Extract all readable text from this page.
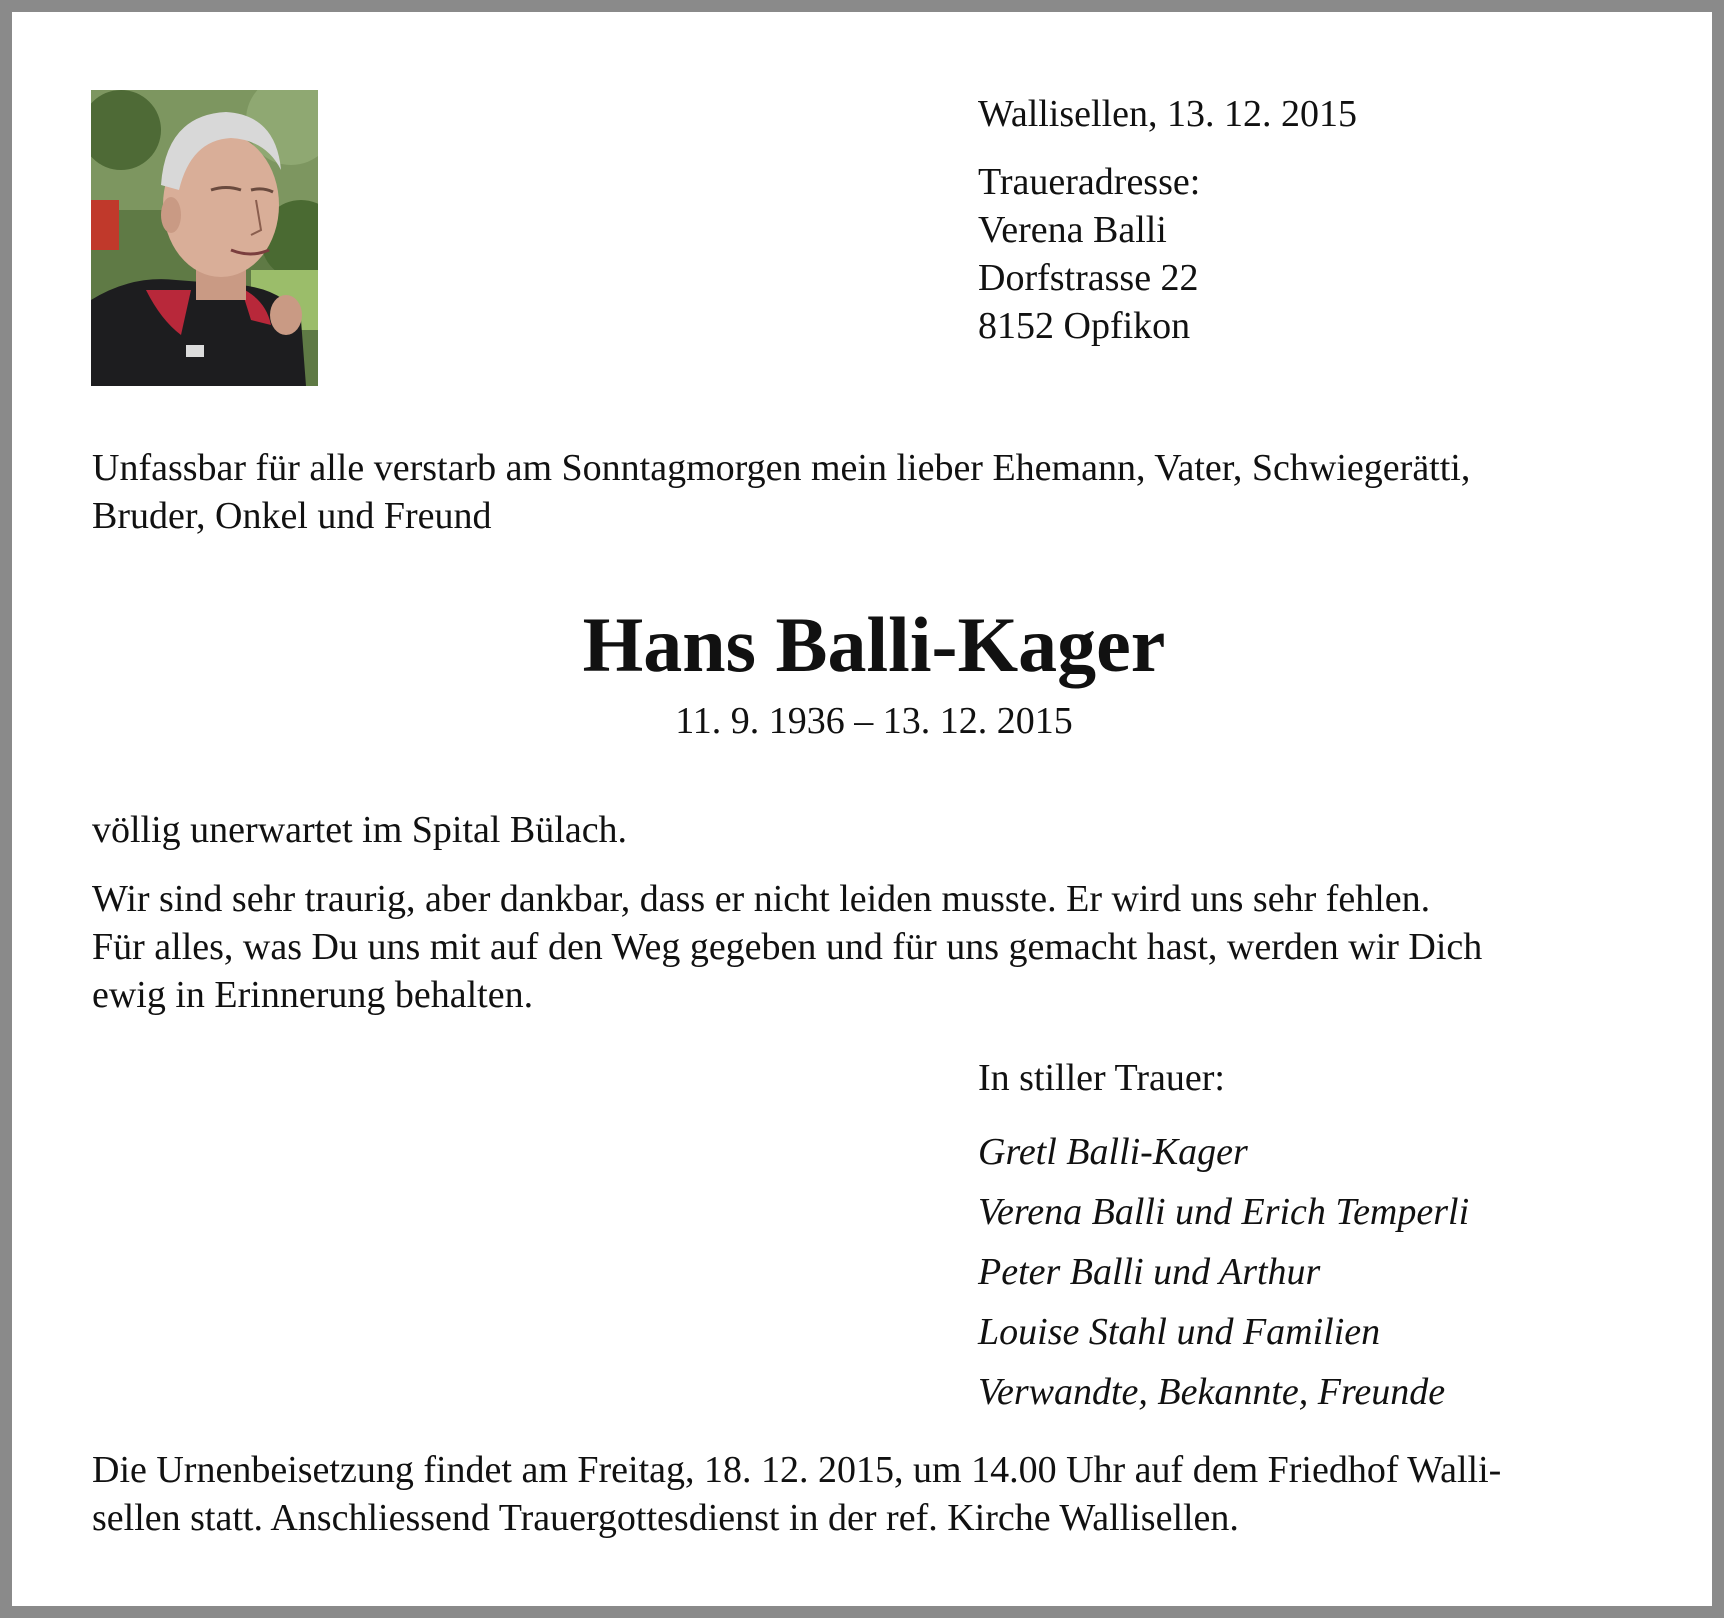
Wallisellen, 13. 12. 2015
Traueradresse:
Verena Balli
Dorfstrasse 22
8152 Opfikon
Unfassbar für alle verstarb am Sonntagmorgen mein lieber Ehemann, Vater, Schwiegerätti,
Bruder, Onkel und Freund
Hans Balli-Kager
11. 9. 1936 – 13. 12. 2015
völlig unerwartet im Spital Bülach.
Wir sind sehr traurig, aber dankbar, dass er nicht leiden musste. Er wird uns sehr fehlen.
Für alles, was Du uns mit auf den Weg gegeben und für uns gemacht hast, werden wir Dich
ewig in Erinnerung behalten.
In stiller Trauer:
Gretl Balli-Kager
Verena Balli und Erich Temperli
Peter Balli und Arthur
Louise Stahl und Familien
Verwandte, Bekannte, Freunde
Die Urnenbeisetzung findet am Freitag, 18. 12. 2015, um 14.00 Uhr auf dem Friedhof Walli-
sellen statt. Anschliessend Trauergottesdienst in der ref. Kirche Wallisellen.
